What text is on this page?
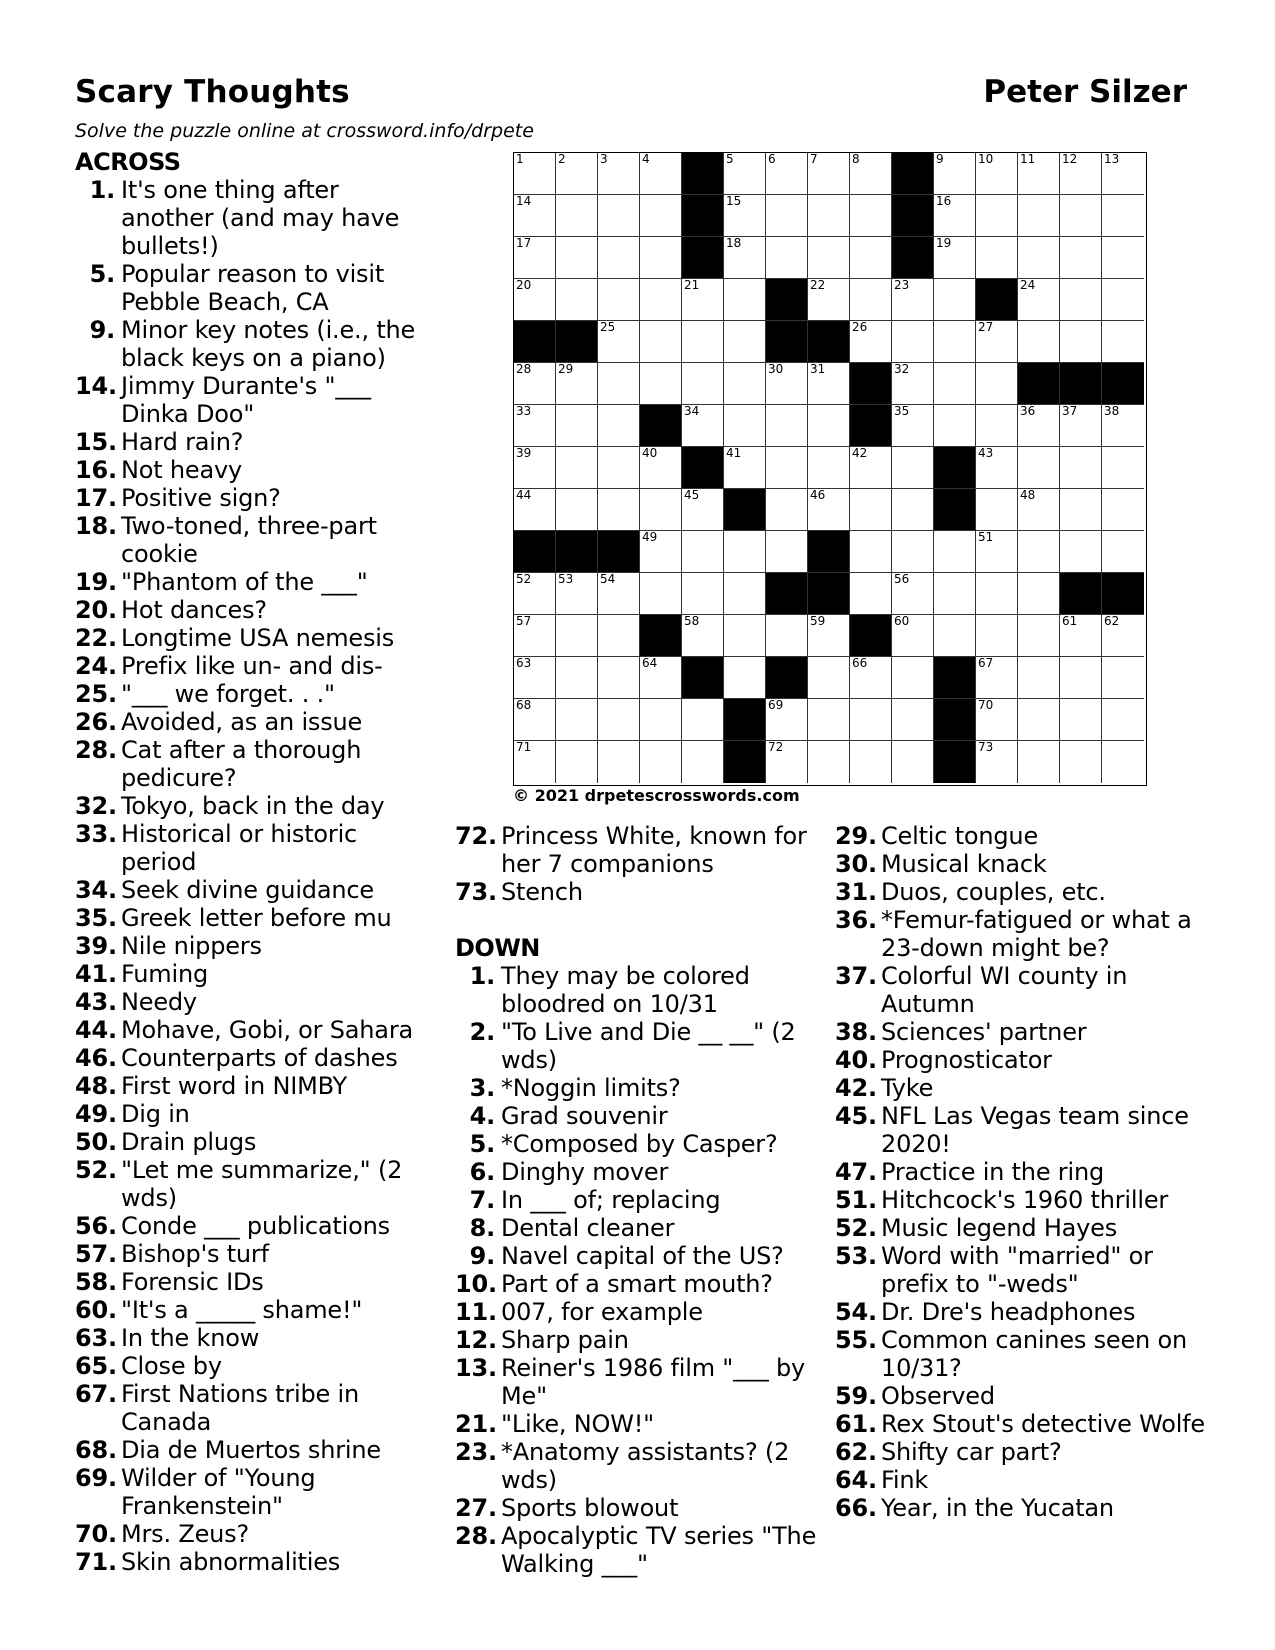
Scary Thoughts	Peter Silzer
Solve the puzzle online at crossword.info/drpete
ACROSS
1. It's one thing after another (and may have bullets!)
5. Popular reason to visit Pebble Beach, CA
9. Minor key notes (i.e., the black keys on a piano)
14. Jimmy Durante's "___ Dinka Doo"
15. Hard rain?
16. Not heavy
17. Positive sign?
18. Two-toned, three-part cookie
19. "Phantom of the ___"
20. Hot dances?
22. Longtime USA nemesis
24. Prefix like un- and dis-
25. "___ we forget. . ."
26. Avoided, as an issue
28. Cat after a thorough pedicure?
32. Tokyo, back in the day
33. Historical or historic period
34. Seek divine guidance
35. Greek letter before mu
39. Nile nippers
41. Fuming
43. Needy
44. Mohave, Gobi, or Sahara
46. Counterparts of dashes
48. First word in NIMBY
49. Dig in
50. Drain plugs
52. "Let me summarize," (2 wds)
56. Conde ___ publications
57. Bishop's turf
58. Forensic IDs
60. "It's a _____ shame!"
63. In the know
65. Close by
67. First Nations tribe in Canada
68. Dia de Muertos shrine
69. Wilder of "Young Frankenstein"
70. Mrs. Zeus?
71. Skin abnormalities
72. Princess White, known for her 7 companions
73. Stench
DOWN
1. They may be colored bloodred on 10/31
2. "To Live and Die __ __" (2 wds)
3. *Noggin limits?
4. Grad souvenir
5. *Composed by Casper?
6. Dinghy mover
7. In ___ of; replacing
8. Dental cleaner
9. Navel capital of the US?
10. Part of a smart mouth?
11. 007, for example
12. Sharp pain
13. Reiner's 1986 film "___ by Me"
21. "Like, NOW!"
23. *Anatomy assistants? (2 wds)
27. Sports blowout
28. Apocalyptic TV series "The Walking ___"
29. Celtic tongue
30. Musical knack
31. Duos, couples, etc.
36. *Femur-fatigued or what a 23-down might be?
37. Colorful WI county in Autumn
38. Sciences' partner
40. Prognosticator
42. Tyke
45. NFL Las Vegas team since 2020!
47. Practice in the ring
51. Hitchcock's 1960 thriller
52. Music legend Hayes
53. Word with "married" or prefix to "-weds"
54. Dr. Dre's headphones
55. Common canines seen on 10/31?
59. Observed
61. Rex Stout's detective Wolfe
62. Shifty car part?
64. Fink
66. Year, in the Yucatan
1	2	3	4	5	6	7	8	9	10 11 12 13
14	15	16
17	18	19
20	21	22	23	24
25	26	27
28 29	30 31	32
33	34	35	36 37 38
39	40	41	42	43
44	45	46	47	48
49	50	51
52 53 54	55	56
57	58	59	60	61 62
63	64	65	66	67
68	69	70
71	72	73
© 2021 drpetescrosswords.com
